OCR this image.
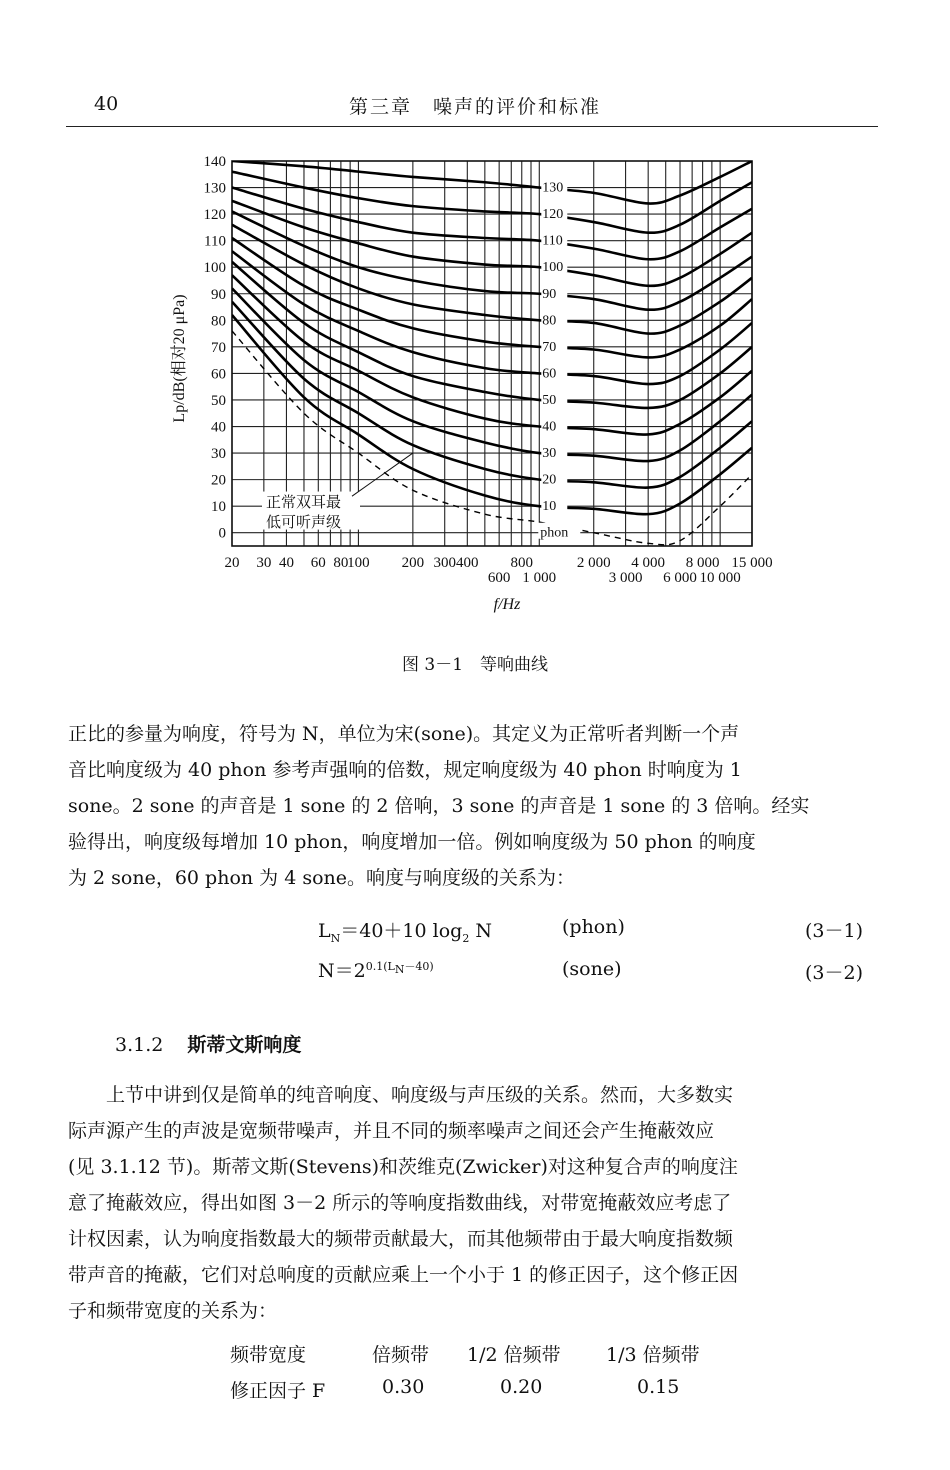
40	第三章　噪声的评价和标准
0
10
20
30
40
50
60
70
80
90
100
110
120
130
140
130
120
110
100
90
80
70
60
50
40
30
20
10
正常双耳最
低可听声级
phon
20 30 40 60 80
100 200 300 400 800	2 000 4 000 8 000 15 000
600 1 000	3 000 6 000 10 000
f/Hz
Lp/dB(相对20 μPa)
图 3－1　等响曲线
正比的参量为响度，符号为 N，单位为宋(sone)。其定义为正常听者判断一个声
音比响度级为 40 phon 参考声强响的倍数，规定响度级为 40 phon 时响度为 1
sone。2 sone 的声音是 1 sone 的 2 倍响，3 sone 的声音是 1 sone 的 3 倍响。经实
验得出，响度级每增加 10 phon，响度增加一倍。例如响度级为 50 phon 的响度
为 2 sone，60 phon 为 4 sone。响度与响度级的关系为：
$L_N=40+10$ $\log_2 N$	(phon)	(3－1)
$N=2^{0.1(L_N-40)}$	(sone)	(3－2)
3.1.2 斯蒂文斯响度
　　上节中讲到仅是简单的纯音响度、响度级与声压级的关系。然而，大多数实
际声源产生的声波是宽频带噪声，并且不同的频率噪声之间还会产生掩蔽效应
(见 3.1.12 节)。斯蒂文斯(Stevens)和茨维克(Zwicker)对这种复合声的响度注
意了掩蔽效应，得出如图 3－2 所示的等响度指数曲线，对带宽掩蔽效应考虑了
计权因素，认为响度指数最大的频带贡献最大，而其他频带由于最大响度指数频
带声音的掩蔽，它们对总响度的贡献应乘上一个小于 1 的修正因子，这个修正因
子和频带宽度的关系为：
频带宽度	倍频带 1/2 倍频带 1/3 倍频带
修正因子 F	0.30	0.20	0.15
